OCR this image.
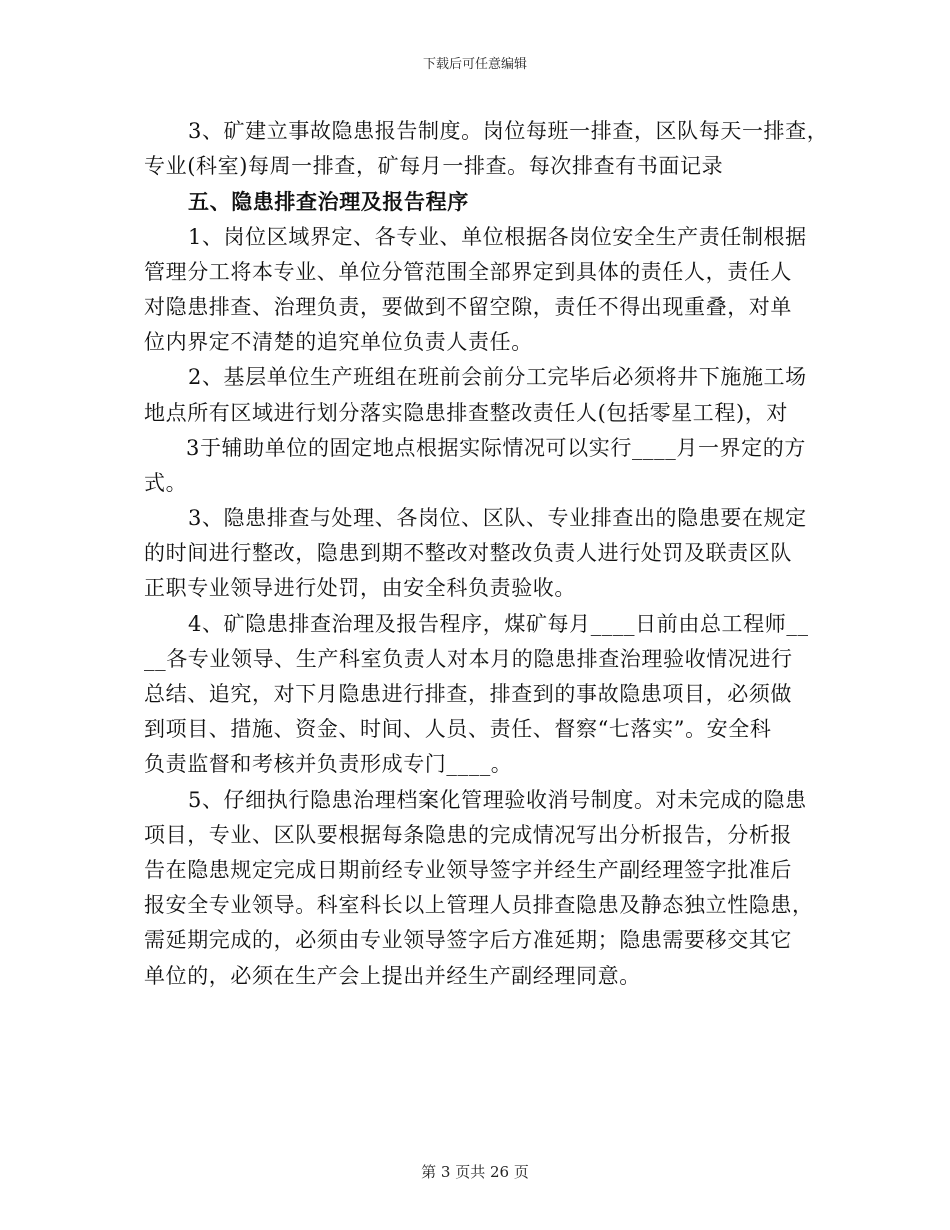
下载后可任意编辑
3、矿建立事故隐患报告制度。岗位每班一排查，区队每天一排查，
专业(科室)每周一排查，矿每月一排查。每次排查有书面记录
五、隐患排查治理及报告程序
1、岗位区域界定、各专业、单位根据各岗位安全生产责任制根据
管理分工将本专业、单位分管范围全部界定到具体的责任人，责任人
对隐患排查、治理负责，要做到不留空隙，责任不得出现重叠，对单
位内界定不清楚的追究单位负责人责任。
2、基层单位生产班组在班前会前分工完毕后必须将井下施施工场
地点所有区域进行划分落实隐患排查整改责任人(包括零星工程)，对
3于辅助单位的固定地点根据实际情况可以实行____月一界定的方
式。
3、隐患排查与处理、各岗位、区队、专业排查出的隐患要在规定
的时间进行整改，隐患到期不整改对整改负责人进行处罚及联责区队
正职专业领导进行处罚，由安全科负责验收。
4、矿隐患排查治理及报告程序，煤矿每月____日前由总工程师__
__各专业领导、生产科室负责人对本月的隐患排查治理验收情况进行
总结、追究，对下月隐患进行排查，排查到的事故隐患项目，必须做
到项目、措施、资金、时间、人员、责任、督察“七落实”。安全科
负责监督和考核并负责形成专门____。
5、仔细执行隐患治理档案化管理验收消号制度。对未完成的隐患
项目，专业、区队要根据每条隐患的完成情况写出分析报告，分析报
告在隐患规定完成日期前经专业领导签字并经生产副经理签字批准后
报安全专业领导。科室科长以上管理人员排查隐患及静态独立性隐患，
需延期完成的，必须由专业领导签字后方准延期；隐患需要移交其它
单位的，必须在生产会上提出并经生产副经理同意。
第 3 页共 26 页
